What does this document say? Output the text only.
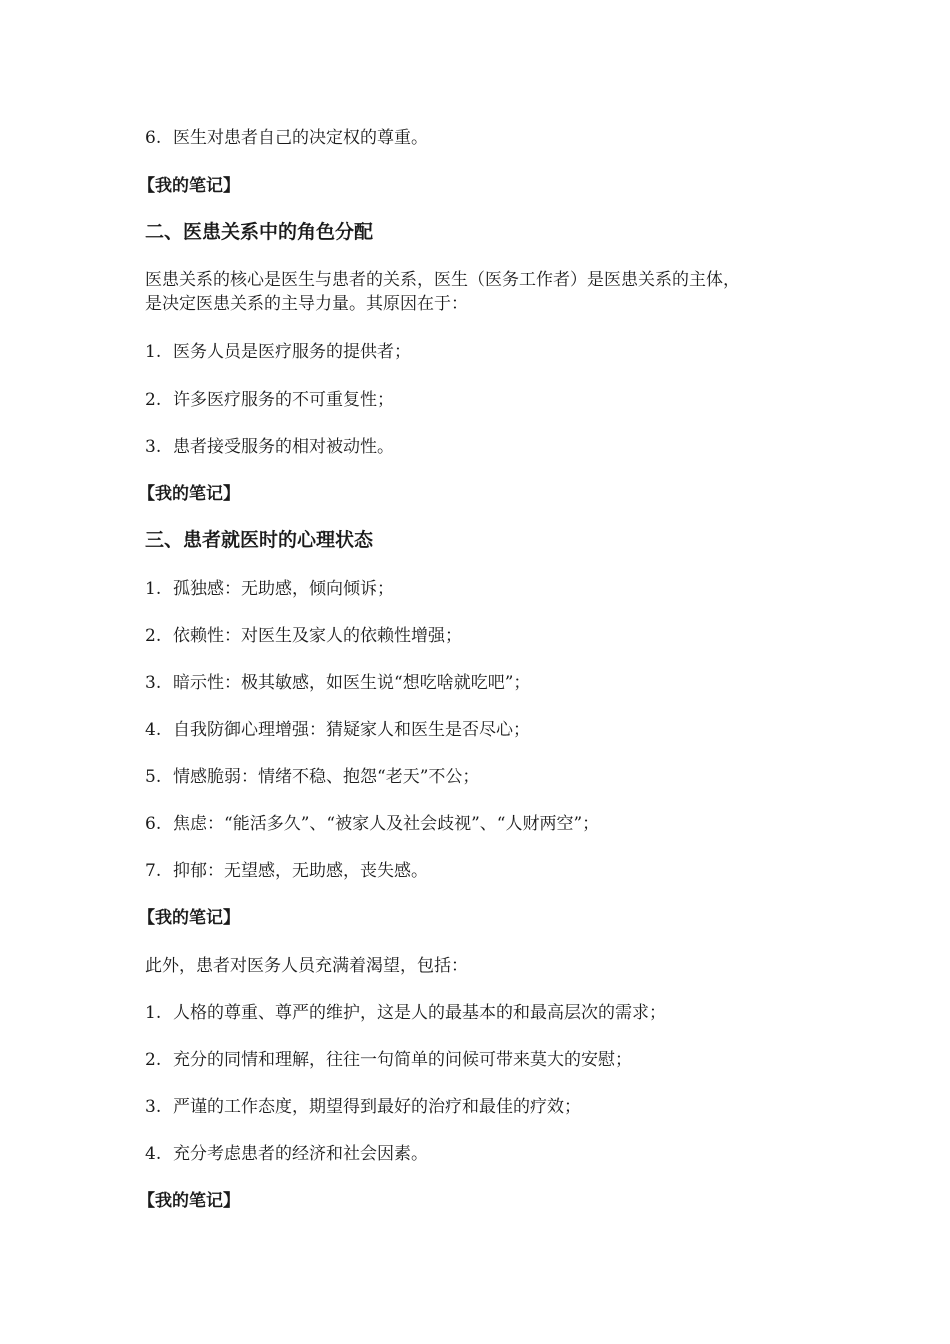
6. 医生对患者自己的决定权的尊重。
【我的笔记】
二、医患关系中的角色分配
医患关系的核心是医生与患者的关系，医生（医务工作者）是医患关系的主体，
是决定医患关系的主导力量。其原因在于：
1. 医务人员是医疗服务的提供者；
2. 许多医疗服务的不可重复性；
3. 患者接受服务的相对被动性。
【我的笔记】
三、患者就医时的心理状态
1. 孤独感：无助感，倾向倾诉；
2. 依赖性：对医生及家人的依赖性增强；
3. 暗示性：极其敏感，如医生说“想吃啥就吃吧”；
4. 自我防御心理增强：猜疑家人和医生是否尽心；
5. 情感脆弱：情绪不稳、抱怨“老天”不公；
6. 焦虑：“能活多久”、“被家人及社会歧视”、“人财两空”；
7. 抑郁：无望感，无助感，丧失感。
【我的笔记】
此外，患者对医务人员充满着渴望，包括：
1. 人格的尊重、尊严的维护，这是人的最基本的和最高层次的需求；
2. 充分的同情和理解，往往一句简单的问候可带来莫大的安慰；
3. 严谨的工作态度，期望得到最好的治疗和最佳的疗效；
4. 充分考虑患者的经济和社会因素。
【我的笔记】
